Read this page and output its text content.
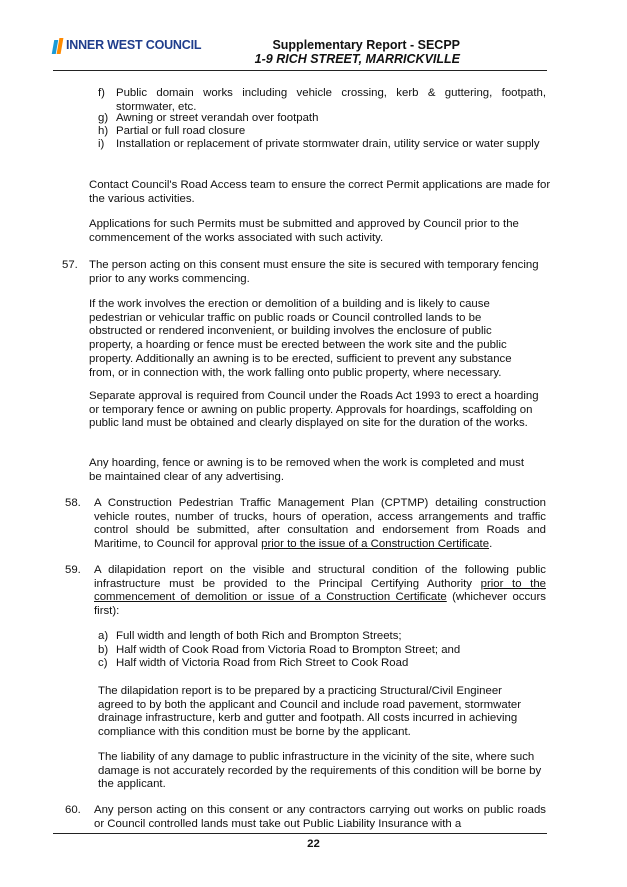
INNER WEST COUNCIL	Supplementary Report - SECPP
1-9 RICH STREET, MARRICKVILLE
f) Public domain works including vehicle crossing, kerb & guttering, footpath, stormwater, etc.

g) Awning or street verandah over footpath

h) Partial or full road closure

i) Installation or replacement of private stormwater drain, utility service or water supply

Contact Council's Road Access team to ensure the correct Permit applications are made for the various activities.

Applications for such Permits must be submitted and approved by Council prior to the commencement of the works associated with such activity.

57. The person acting on this consent must ensure the site is secured with temporary fencing prior to any works commencing.

If the work involves the erection or demolition of a building and is likely to cause pedestrian or vehicular traffic on public roads or Council controlled lands to be obstructed or rendered inconvenient, or building involves the enclosure of public property, a hoarding or fence must be erected between the work site and the public property. Additionally an awning is to be erected, sufficient to prevent any substance from, or in connection with, the work falling onto public property, where necessary.

Separate approval is required from Council under the Roads Act 1993 to erect a hoarding or temporary fence or awning on public property. Approvals for hoardings, scaffolding on public land must be obtained and clearly displayed on site for the duration of the works.

Any hoarding, fence or awning is to be removed when the work is completed and must be maintained clear of any advertising.

58. A Construction Pedestrian Traffic Management Plan (CPTMP) detailing construction vehicle routes, number of trucks, hours of operation, access arrangements and traffic control should be submitted, after consultation and endorsement from Roads and Maritime, to Council for approval prior to the issue of a Construction Certificate.

59. A dilapidation report on the visible and structural condition of the following public infrastructure must be provided to the Principal Certifying Authority prior to the commencement of demolition or issue of a Construction Certificate (whichever occurs first):

a) Full width and length of both Rich and Brompton Streets;

b) Half width of Cook Road from Victoria Road to Brompton Street; and

c) Half width of Victoria Road from Rich Street to Cook Road

The dilapidation report is to be prepared by a practicing Structural/Civil Engineer agreed to by both the applicant and Council and include road pavement, stormwater drainage infrastructure, kerb and gutter and footpath. All costs incurred in achieving compliance with this condition must be borne by the applicant.

The liability of any damage to public infrastructure in the vicinity of the site, where such damage is not accurately recorded by the requirements of this condition will be borne by the applicant.

60. Any person acting on this consent or any contractors carrying out works on public roads or Council controlled lands must take out Public Liability Insurance with a

22
